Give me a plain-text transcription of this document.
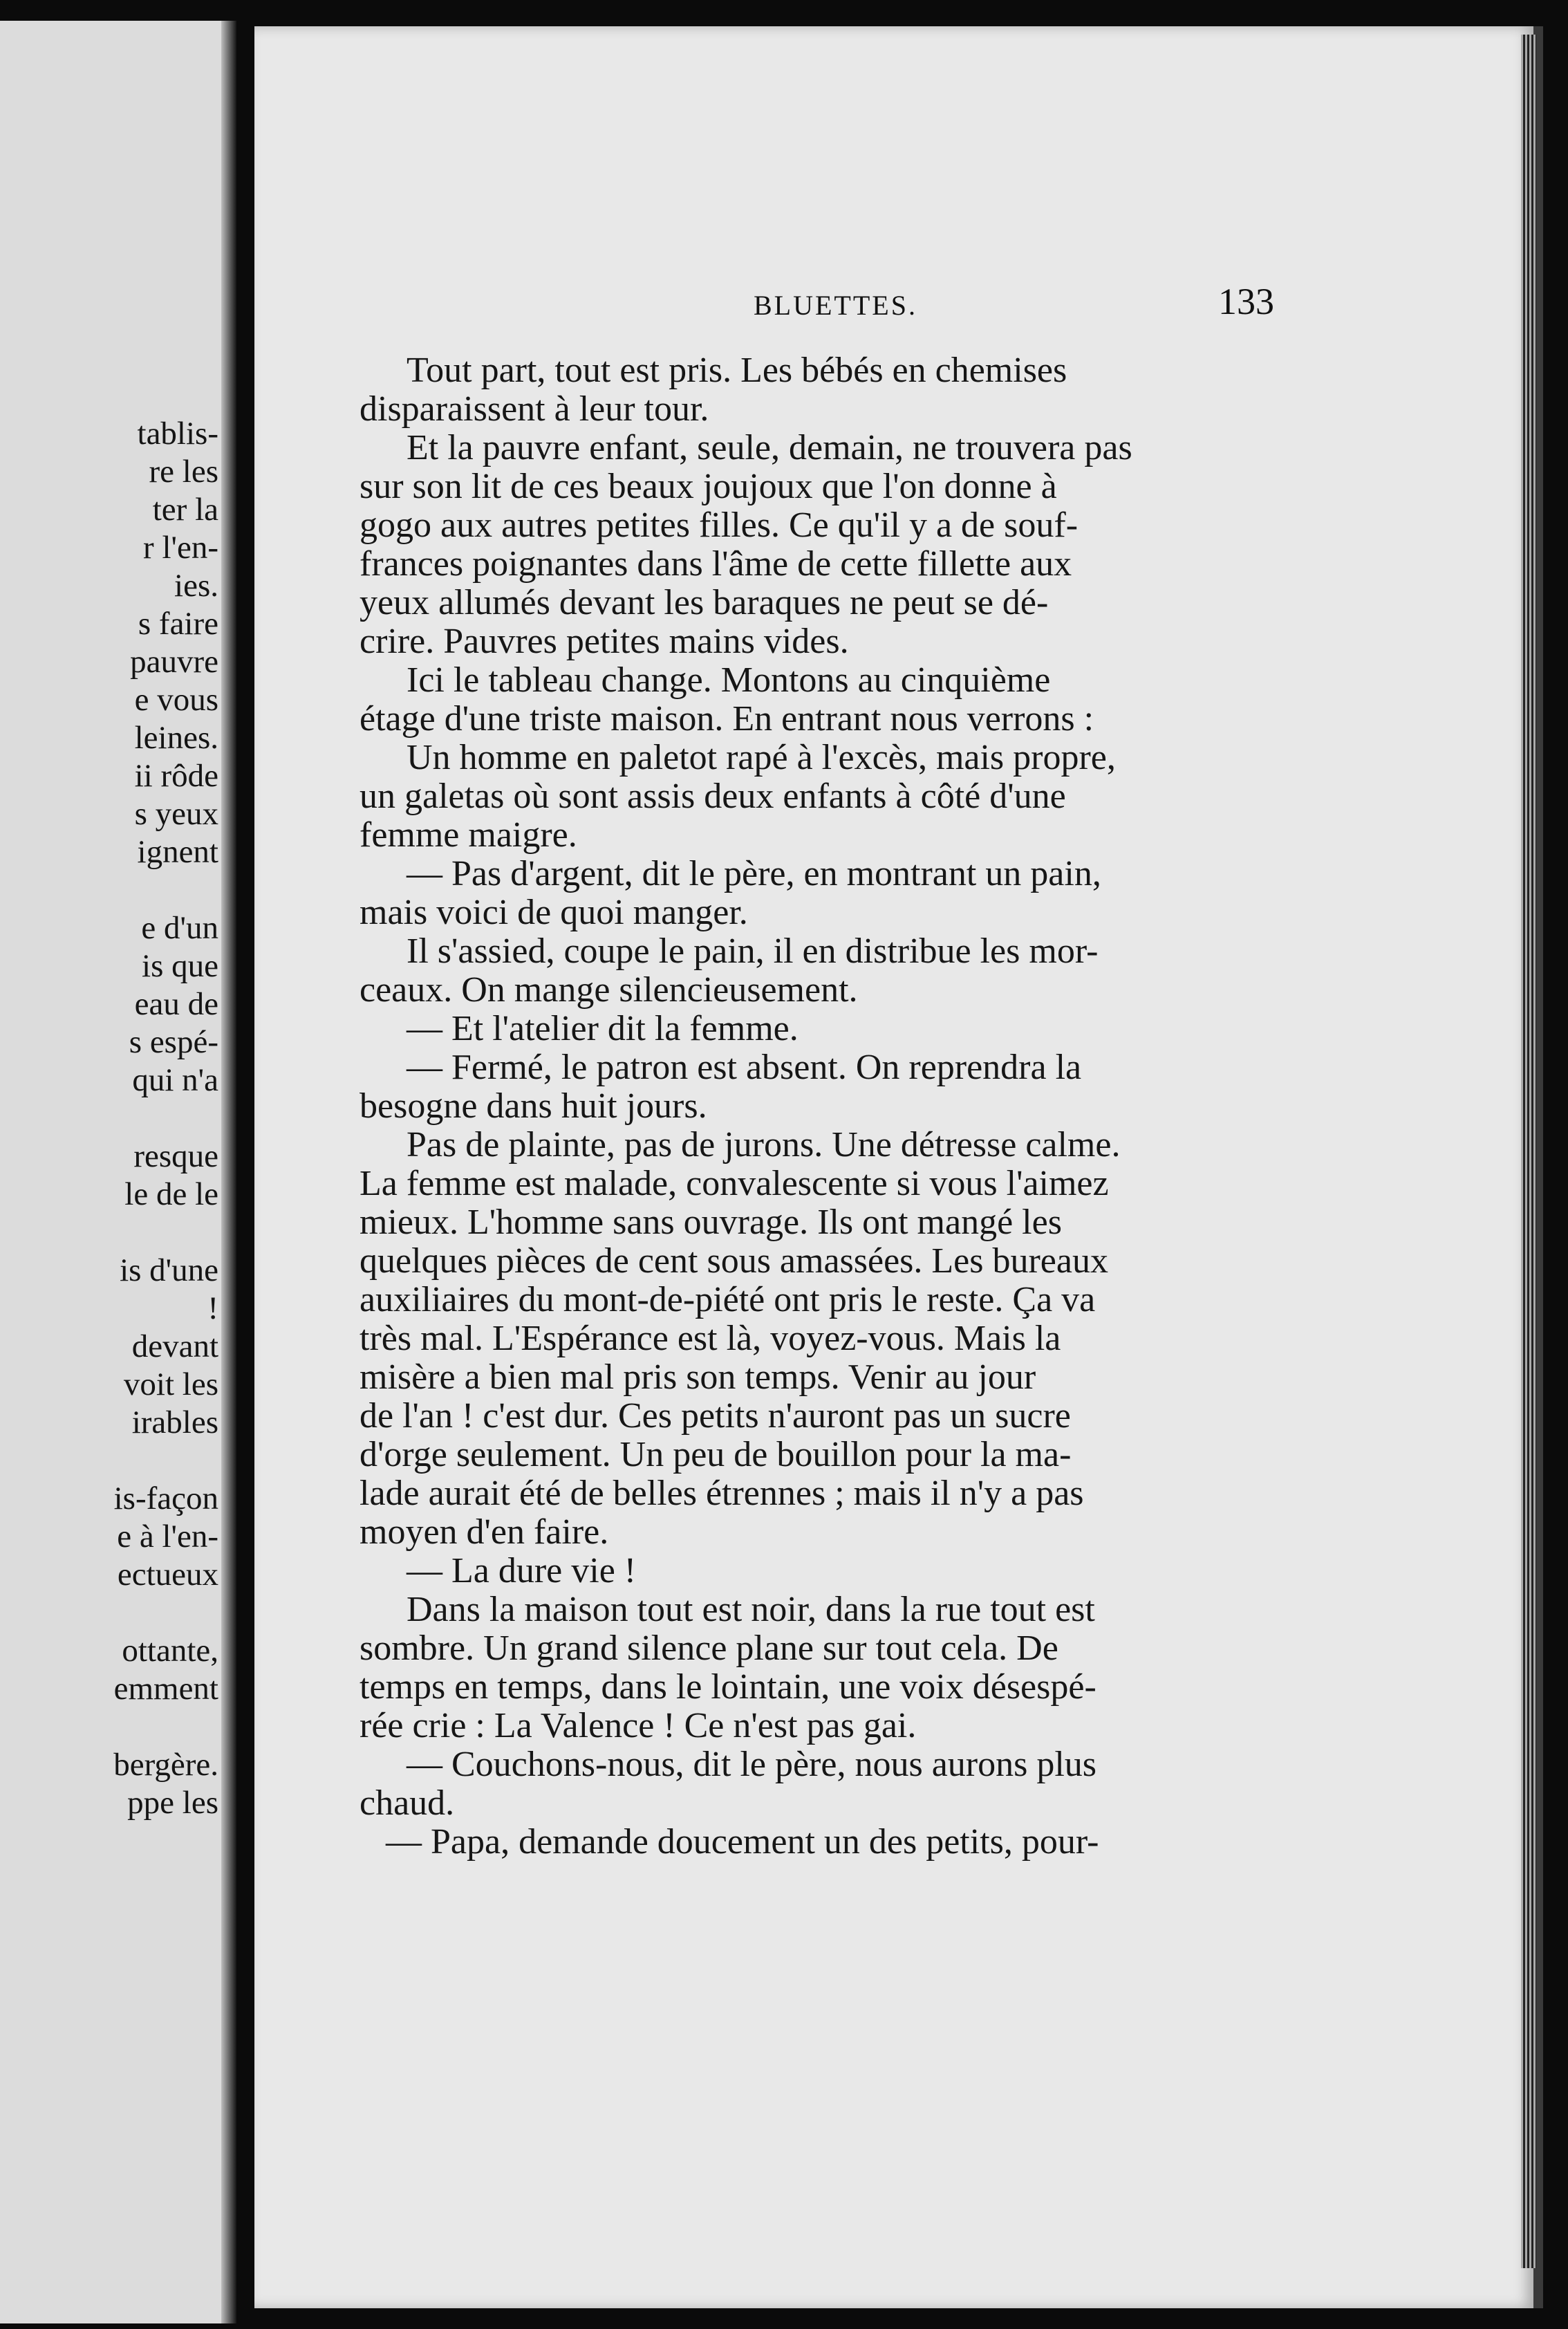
tablis-
re les
ter la
r l'en-
ies.
s faire
pauvre
e vous
leines.
ii rôde
s yeux
ignent
e d'un
is que
eau de
s espé-
qui n'a
resque
le de le
is d'une
!
devant
voit les
irables
is-façon
e à l'en-
ectueux
ottante,
emment
bergère.
ppe les
BLUETTES.	133
Tout part, tout est pris. Les bébés en chemises
disparaissent à leur tour.
Et la pauvre enfant, seule, demain, ne trouvera pas
sur son lit de ces beaux joujoux que l'on donne à
gogo aux autres petites filles. Ce qu'il y a de souf-
frances poignantes dans l'âme de cette fillette aux
yeux allumés devant les baraques ne peut se dé-
crire. Pauvres petites mains vides.
Ici le tableau change. Montons au cinquième
étage d'une triste maison. En entrant nous verrons :
Un homme en paletot rapé à l'excès, mais propre,
un galetas où sont assis deux enfants à côté d'une
femme maigre.
— Pas d'argent, dit le père, en montrant un pain,
mais voici de quoi manger.
Il s'assied, coupe le pain, il en distribue les mor-
ceaux. On mange silencieusement.
— Et l'atelier dit la femme.
— Fermé, le patron est absent. On reprendra la
besogne dans huit jours.
Pas de plainte, pas de jurons. Une détresse calme.
La femme est malade, convalescente si vous l'aimez
mieux. L'homme sans ouvrage. Ils ont mangé les
quelques pièces de cent sous amassées. Les bureaux
auxiliaires du mont-de-piété ont pris le reste. Ça va
très mal. L'Espérance est là, voyez-vous. Mais la
misère a bien mal pris son temps. Venir au jour
de l'an ! c'est dur. Ces petits n'auront pas un sucre
d'orge seulement. Un peu de bouillon pour la ma-
lade aurait été de belles étrennes ; mais il n'y a pas
moyen d'en faire.
— La dure vie !
Dans la maison tout est noir, dans la rue tout est
sombre. Un grand silence plane sur tout cela. De
temps en temps, dans le lointain, une voix désespé-
rée crie : La Valence ! Ce n'est pas gai.
— Couchons-nous, dit le père, nous aurons plus
chaud.
— Papa, demande doucement un des petits, pour-
